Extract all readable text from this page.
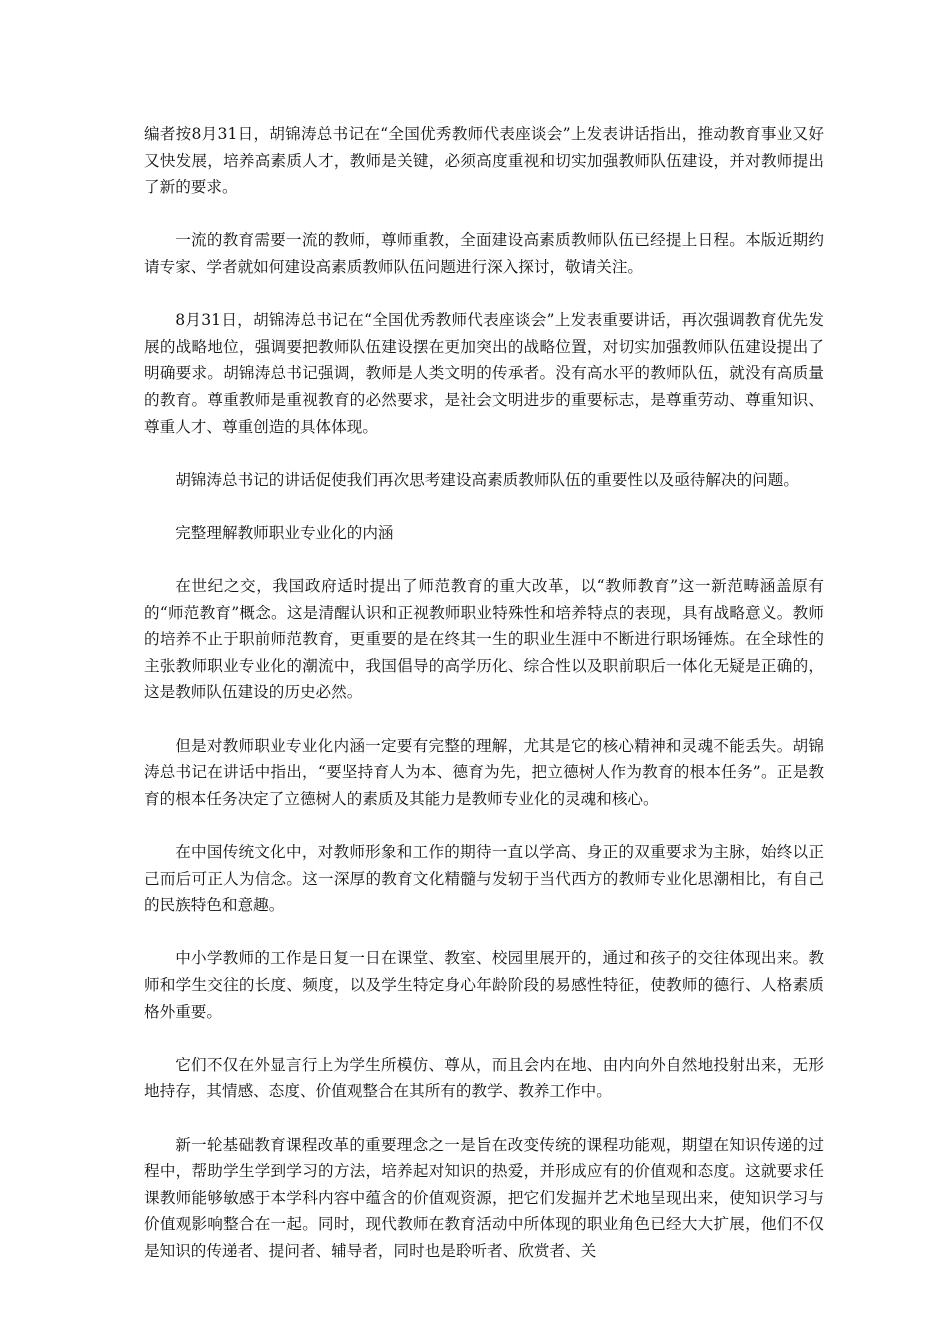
编者按8月31日，胡锦涛总书记在“全国优秀教师代表座谈会”上发表讲话指出，推动教育事业又好又快发展，培养高素质人才，教师是关键，必须高度重视和切实加强教师队伍建设，并对教师提出了新的要求。

一流的教育需要一流的教师，尊师重教，全面建设高素质教师队伍已经提上日程。本版近期约请专家、学者就如何建设高素质教师队伍问题进行深入探讨，敬请关注。

8月31日，胡锦涛总书记在“全国优秀教师代表座谈会”上发表重要讲话，再次强调教育优先发展的战略地位，强调要把教师队伍建设摆在更加突出的战略位置，对切实加强教师队伍建设提出了明确要求。胡锦涛总书记强调，教师是人类文明的传承者。没有高水平的教师队伍，就没有高质量的教育。尊重教师是重视教育的必然要求，是社会文明进步的重要标志，是尊重劳动、尊重知识、尊重人才、尊重创造的具体体现。

胡锦涛总书记的讲话促使我们再次思考建设高素质教师队伍的重要性以及亟待解决的问题。

完整理解教师职业专业化的内涵

在世纪之交，我国政府适时提出了师范教育的重大改革，以“教师教育”这一新范畴涵盖原有的“师范教育”概念。这是清醒认识和正视教师职业特殊性和培养特点的表现，具有战略意义。教师的培养不止于职前师范教育，更重要的是在终其一生的职业生涯中不断进行职场锤炼。在全球性的主张教师职业专业化的潮流中，我国倡导的高学历化、综合性以及职前职后一体化无疑是正确的，这是教师队伍建设的历史必然。

但是对教师职业专业化内涵一定要有完整的理解，尤其是它的核心精神和灵魂不能丢失。胡锦涛总书记在讲话中指出，“要坚持育人为本、德育为先，把立德树人作为教育的根本任务”。正是教育的根本任务决定了立德树人的素质及其能力是教师专业化的灵魂和核心。

在中国传统文化中，对教师形象和工作的期待一直以学高、身正的双重要求为主脉，始终以正己而后可正人为信念。这一深厚的教育文化精髓与发轫于当代西方的教师专业化思潮相比，有自己的民族特色和意趣。

中小学教师的工作是日复一日在课堂、教室、校园里展开的，通过和孩子的交往体现出来。教师和学生交往的长度、频度，以及学生特定身心年龄阶段的易感性特征，使教师的德行、人格素质格外重要。

它们不仅在外显言行上为学生所模仿、尊从，而且会内在地、由内向外自然地投射出来，无形地持存，其情感、态度、价值观整合在其所有的教学、教养工作中。

新一轮基础教育课程改革的重要理念之一是旨在改变传统的课程功能观，期望在知识传递的过程中，帮助学生学到学习的方法，培养起对知识的热爱，并形成应有的价值观和态度。这就要求任课教师能够敏感于本学科内容中蕴含的价值观资源，把它们发掘并艺术地呈现出来，使知识学习与价值观影响整合在一起。同时，现代教师在教育活动中所体现的职业角色已经大大扩展，他们不仅是知识的传递者、提问者、辅导者，同时也是聆听者、欣赏者、关
